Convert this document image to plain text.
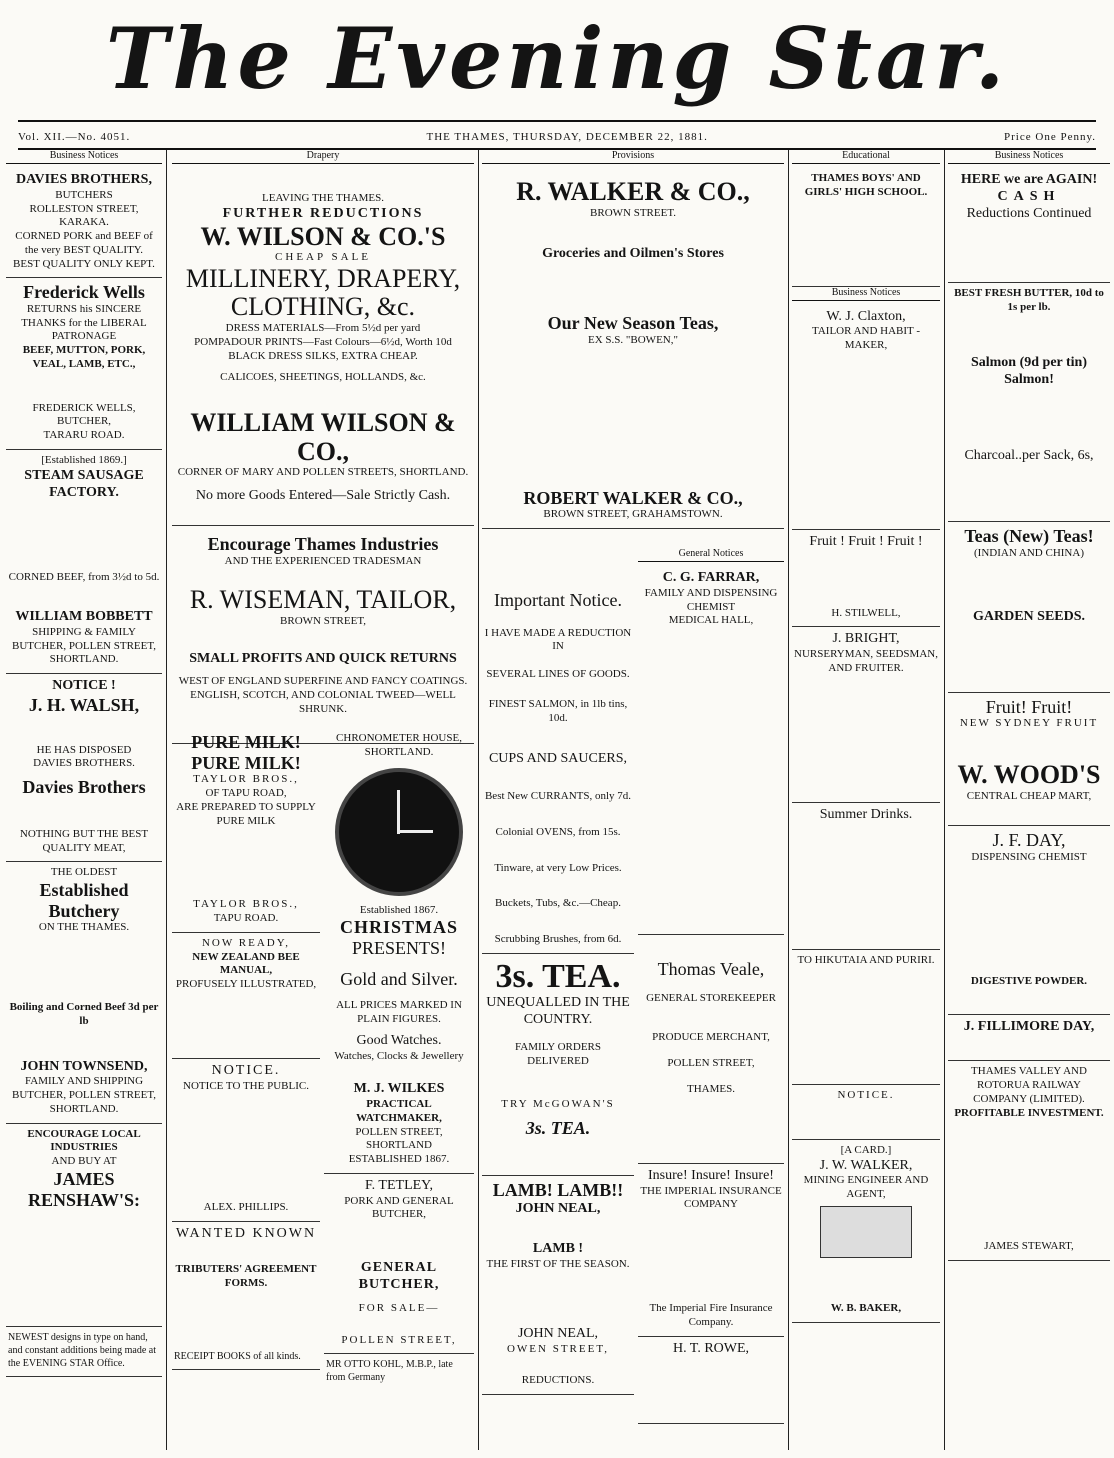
The Evening Star.
Vol. XII.—No. 4051.	THE THAMES, THURSDAY, DECEMBER 22, 1881.	Price One Penny.
Business Notices
DAVIES BROTHERS,
BUTCHERS
ROLLESTON STREET, KARAKA.
CORNED PORK and BEEF of the very BEST QUALITY.
BEST QUALITY ONLY KEPT.
Frederick Wells
RETURNS his SINCERE THANKS for the LIBERAL PATRONAGE
BEEF, MUTTON, PORK, VEAL, LAMB, ETC.,
FREDERICK WELLS,
BUTCHER,
TARARU ROAD.
[Established 1869.]
STEAM SAUSAGE FACTORY.
CORNED BEEF, from 3½d to 5d.
WILLIAM BOBBETT
SHIPPING & FAMILY BUTCHER, POLLEN STREET, SHORTLAND.
NOTICE !
J. H. WALSH,
HE HAS DISPOSED
DAVIES BROTHERS.
Davies Brothers
NOTHING BUT THE BEST QUALITY MEAT,
THE OLDEST
Established Butchery
ON THE THAMES.
Boiling and Corned Beef 3d per lb
JOHN TOWNSEND,
FAMILY AND SHIPPING BUTCHER, POLLEN STREET, SHORTLAND.
ENCOURAGE LOCAL INDUSTRIES
AND BUY AT
JAMES RENSHAW'S:
NEWEST designs in type on hand, and constant additions being made at the EVENING STAR Office.
Drapery
LEAVING THE THAMES.
FURTHER REDUCTIONS
W. WILSON & CO.'S
CHEAP SALE
MILLINERY, DRAPERY,
CLOTHING, &c.
DRESS MATERIALS—From 5½d per yard
POMPADOUR PRINTS—Fast Colours—6½d, Worth 10d
BLACK DRESS SILKS, EXTRA CHEAP.
CALICOES, SHEETINGS, HOLLANDS, &c.
WILLIAM WILSON & CO.,
CORNER OF MARY AND POLLEN STREETS, SHORTLAND.
No more Goods Entered—Sale Strictly Cash.
Encourage Thames Industries
AND THE EXPERIENCED TRADESMAN
R. WISEMAN, TAILOR,
BROWN STREET,
SMALL PROFITS AND QUICK RETURNS
WEST OF ENGLAND SUPERFINE AND FANCY COATINGS. ENGLISH, SCOTCH, AND COLONIAL TWEED—WELL SHRUNK.
PURE MILK!
PURE MILK!
TAYLOR BROS.,
OF TAPU ROAD,
ARE PREPARED TO SUPPLY PURE MILK
TAYLOR BROS.,
TAPU ROAD.
NOW READY,
NEW ZEALAND BEE MANUAL,
PROFUSELY ILLUSTRATED,
NOTICE.
NOTICE TO THE PUBLIC.
ALEX. PHILLIPS.
WANTED KNOWN
TRIBUTERS' AGREEMENT FORMS.
RECEIPT BOOKS of all kinds.
CHRONOMETER HOUSE,
SHORTLAND.
Established 1867.
CHRISTMAS
PRESENTS!
Gold and Silver.
ALL PRICES MARKED IN PLAIN FIGURES.
Good Watches.
Watches, Clocks & Jewellery
M. J. WILKES
PRACTICAL WATCHMAKER,
POLLEN STREET, SHORTLAND
ESTABLISHED 1867.
F. TETLEY,
PORK AND GENERAL BUTCHER,
GENERAL BUTCHER,
FOR SALE—
POLLEN STREET,
MR OTTO KOHL, M.B.P., late from Germany
Provisions
R. WALKER & CO.,
BROWN STREET.
Groceries and Oilmen's Stores
Our New Season Teas,
EX S.S. "BOWEN,"
ROBERT WALKER & CO.,
BROWN STREET, GRAHAMSTOWN.
Important Notice.
I HAVE MADE A REDUCTION IN
SEVERAL LINES OF GOODS.
FINEST SALMON, in 1lb tins, 10d.
CUPS AND SAUCERS,
Best New CURRANTS, only 7d.
Colonial OVENS, from 15s.
Tinware, at very Low Prices.
Buckets, Tubs, &c.—Cheap.
Scrubbing Brushes, from 6d.
3s. TEA.
UNEQUALLED IN THE COUNTRY.
FAMILY ORDERS DELIVERED
TRY McGOWAN'S
3s. TEA.
LAMB! LAMB!!
JOHN NEAL,
LAMB !
THE FIRST OF THE SEASON.
JOHN NEAL,
OWEN STREET,
REDUCTIONS.
General Notices
C. G. FARRAR,
FAMILY AND DISPENSING CHEMIST
MEDICAL HALL,
Thomas Veale,
GENERAL STOREKEEPER
PRODUCE MERCHANT,
POLLEN STREET,
THAMES.
Insure! Insure! Insure!
THE IMPERIAL INSURANCE COMPANY
The Imperial Fire Insurance Company.
H. T. ROWE,
Educational
THAMES BOYS' AND GIRLS' HIGH SCHOOL.
Business Notices
W. J. Claxton,
TAILOR AND HABIT - MAKER,
Fruit ! Fruit ! Fruit !
H. STILWELL,
J. BRIGHT,
NURSERYMAN, SEEDSMAN, AND FRUITER.
Summer Drinks.
TO HIKUTAIA AND PURIRI.
NOTICE.
[A CARD.]
J. W. WALKER,
MINING ENGINEER AND AGENT,
W. B. BAKER,
Business Notices
HERE we are AGAIN!
CASH
Reductions Continued
BEST FRESH BUTTER, 10d to 1s per lb.
Salmon (9d per tin) Salmon!
Charcoal..per Sack, 6s,
Teas (New) Teas!
(INDIAN AND CHINA)
GARDEN SEEDS.
Fruit! Fruit!
NEW SYDNEY FRUIT
W. WOOD'S
CENTRAL CHEAP MART,
J. F. DAY,
DISPENSING CHEMIST
DIGESTIVE POWDER.
J. FILLIMORE DAY,
THAMES VALLEY AND ROTORUA RAILWAY COMPANY (LIMITED).
PROFITABLE INVESTMENT.
JAMES STEWART,
